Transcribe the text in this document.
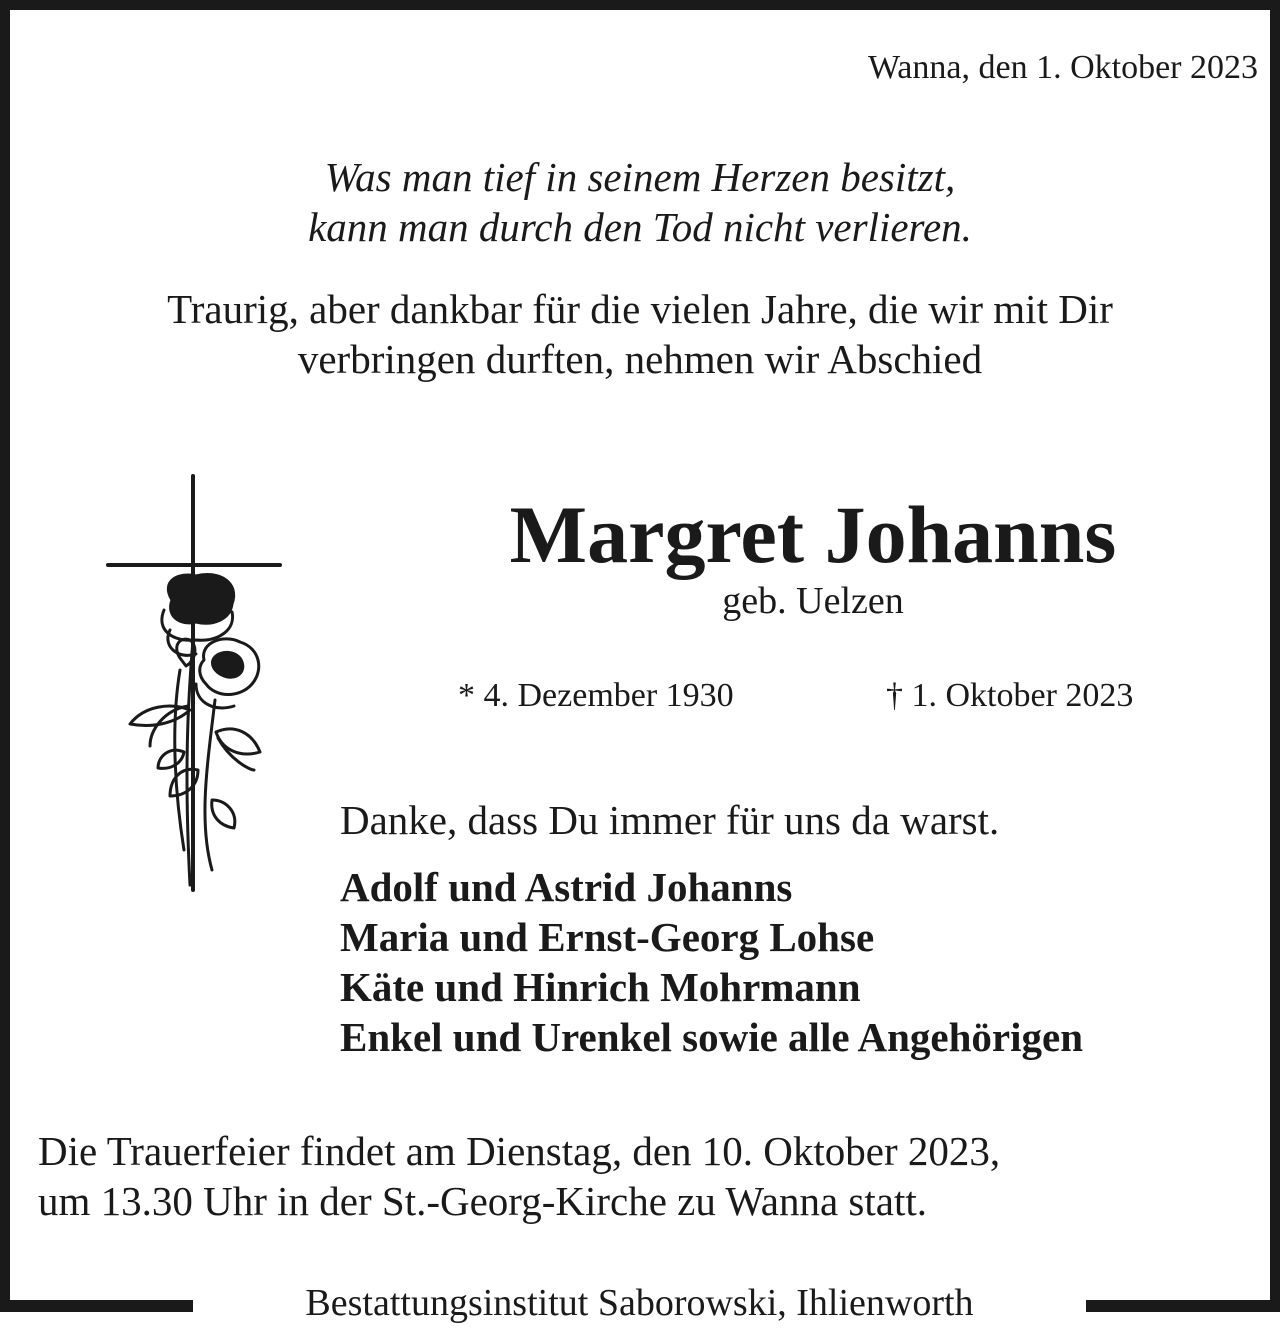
Wanna, den 1. Oktober 2023
Was man tief in seinem Herzen besitzt,
kann man durch den Tod nicht verlieren.
Traurig, aber dankbar für die vielen Jahre, die wir mit Dir
verbringen durften, nehmen wir Abschied
Margret Johanns
geb. Uelzen
* 4. Dezember 1930	† 1. Oktober 2023
Danke, dass Du immer für uns da warst.
Adolf und Astrid Johanns
Maria und Ernst-Georg Lohse
Käte und Hinrich Mohrmann
Enkel und Urenkel sowie alle Angehörigen
Die Trauerfeier findet am Dienstag, den 10. Oktober 2023,
um 13.30 Uhr in der St.-Georg-Kirche zu Wanna statt.
Bestattungsinstitut Saborowski, Ihlienworth
